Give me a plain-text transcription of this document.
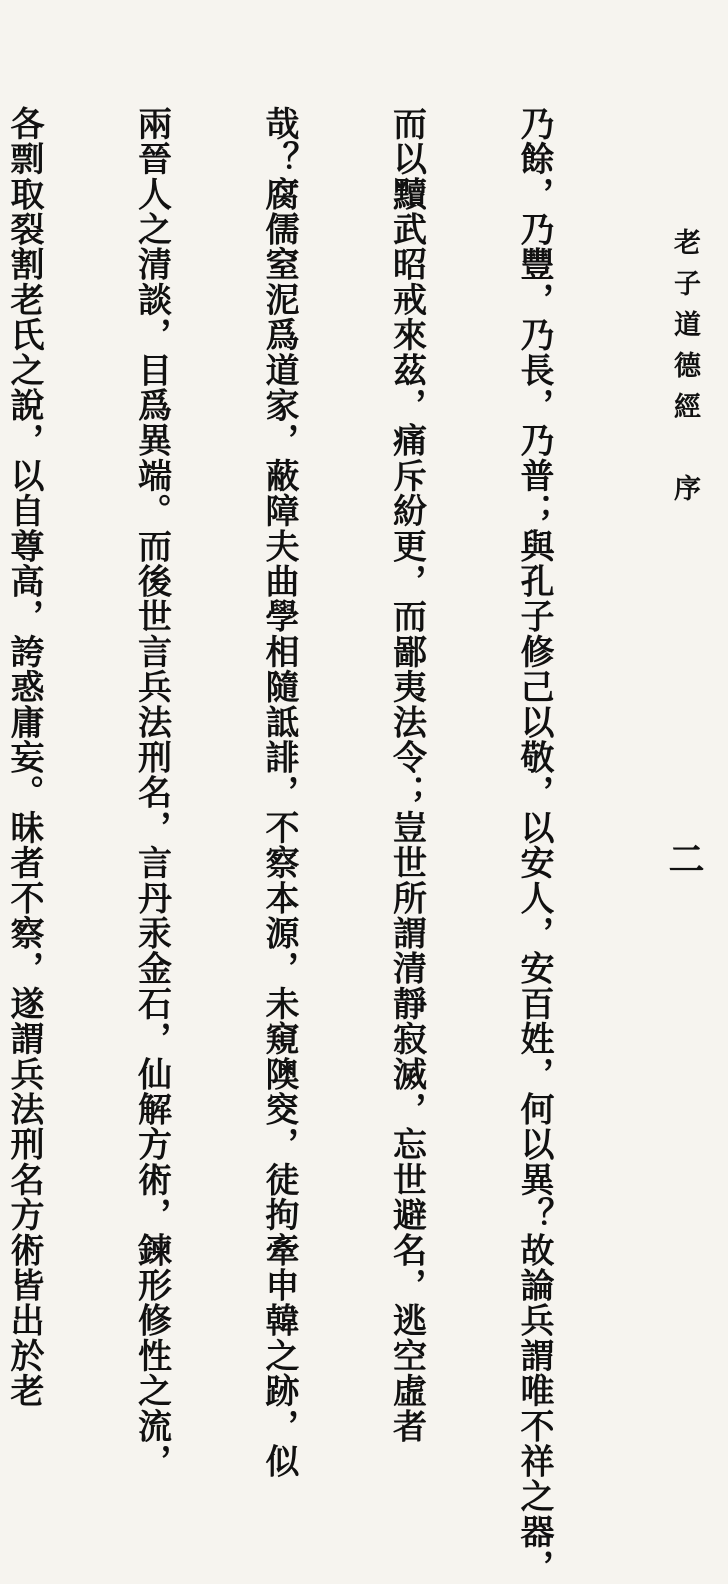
老子道德經　序
二

乃餘，乃豐，乃長，乃普；與孔子修己以敬，以安人，安百姓，何以異？故論兵謂唯不祥之器，

而以黷武昭戒來茲，痛斥紛更，而鄙夷法令；豈世所謂清靜寂滅，忘世避名，逃空虛者

哉？腐儒窒泥爲道家，蔽障夫曲學相隨詆誹，不察本源，未窺隩窔，徒拘牽申韓之跡，似

兩晉人之清談，目爲異端。而後世言兵法刑名，言丹汞金石，仙解方術，鍊形修性之流，

各剽取裂割老氏之說，以自尊高，誇惑庸妄。昧者不察，遂謂兵法刑名方術皆出於老
